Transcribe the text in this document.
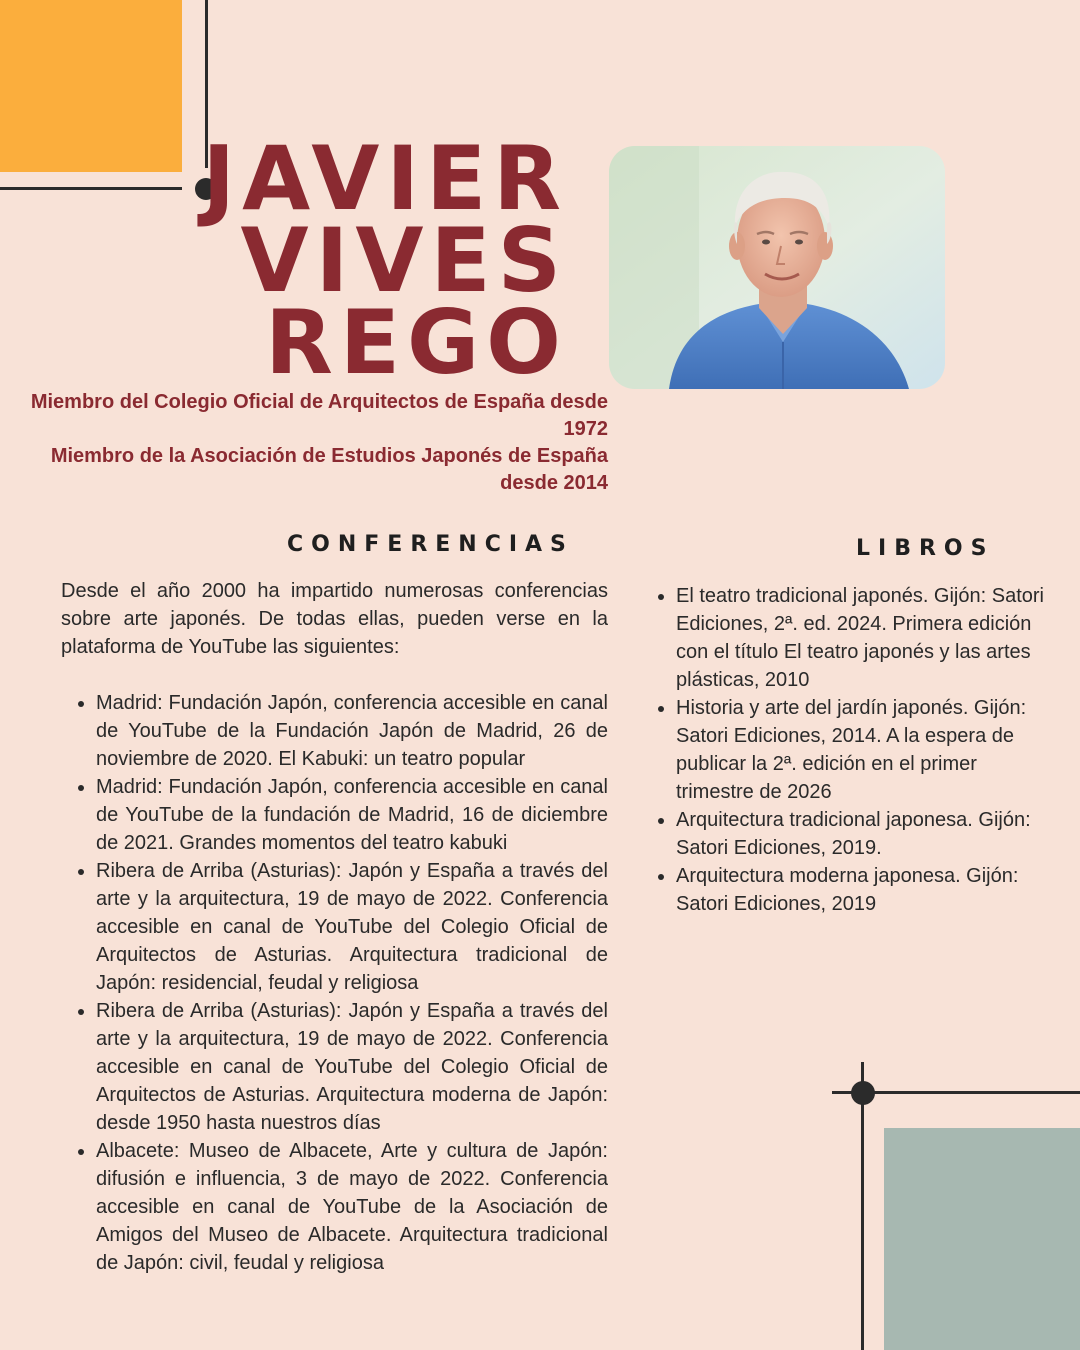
JAVIER
VIVES
REGO
Miembro del Colegio Oficial de Arquitectos de España desde 1972
Miembro de la Asociación de Estudios Japonés de España desde 2014
CONFERENCIAS	LIBROS
Desde el año 2000 ha impartido numerosas conferencias sobre arte japonés. De todas ellas, pueden verse en la plataforma de YouTube las siguientes:
• Madrid: Fundación Japón, conferencia accesible en canal de YouTube de la Fundación Japón de Madrid, 26 de noviembre de 2020. El Kabuki: un teatro popular
• Madrid: Fundación Japón, conferencia accesible en canal de YouTube de la fundación de Madrid, 16 de diciembre de 2021. Grandes momentos del teatro kabuki
• Ribera de Arriba (Asturias): Japón y España a través del arte y la arquitectura, 19 de mayo de 2022. Conferencia accesible en canal de YouTube del Colegio Oficial de Arquitectos de Asturias. Arquitectura tradicional de Japón: residencial, feudal y religiosa
• Ribera de Arriba (Asturias): Japón y España a través del arte y la arquitectura, 19 de mayo de 2022. Conferencia accesible en canal de YouTube del Colegio Oficial de Arquitectos de Asturias. Arquitectura moderna de Japón: desde 1950 hasta nuestros días
• Albacete: Museo de Albacete, Arte y cultura de Japón: difusión e influencia, 3 de mayo de 2022. Conferencia accesible en canal de YouTube de la Asociación de Amigos del Museo de Albacete. Arquitectura tradicional de Japón: civil, feudal y religiosa
• El teatro tradicional japonés. Gijón: Satori Ediciones, 2ª. ed. 2024. Primera edición con el título El teatro japonés y las artes plásticas, 2010
• Historia y arte del jardín japonés. Gijón: Satori Ediciones, 2014. A la espera de publicar la 2ª. edición en el primer trimestre de 2026
• Arquitectura tradicional japonesa. Gijón: Satori Ediciones, 2019.
• Arquitectura moderna japonesa. Gijón: Satori Ediciones, 2019
